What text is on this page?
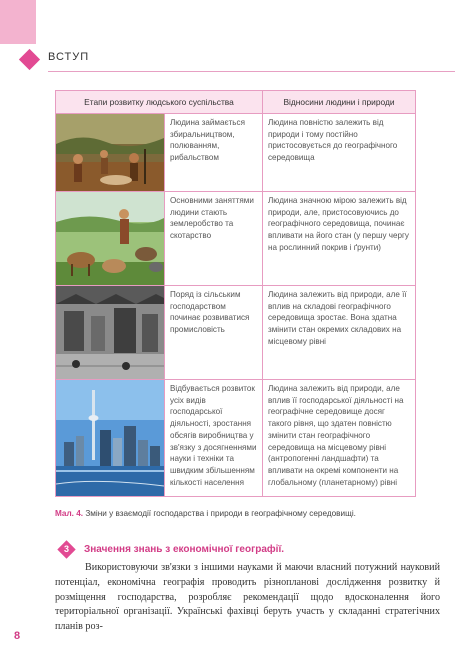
ВСТУП
Етапи розвитку людського суспільства		Відносини людини і природи

	Людина займається збиральництвом, полюванням, рибальством	Людина повністю залежить від природи і тому постійно пристосовується до географічного середовища

	Основними заняттями людини стають землеробство та скотарство	Людина значною мірою залежить від природи, але, пристосовуючись до географічного середовища, починає впливати на його стан (у першу чергу на рослинний покрив і ґрунти)

	Поряд із сільським господарством починає розвиватися промисловість	Людина залежить від природи, але її вплив на складові географічного середовища зростає. Вона здатна змінити стан окремих складових на місцевому рівні

	Відбувається розвиток усіх видів господарської діяльності, зростання обсягів виробництва у зв'язку з досягненнями науки і техніки та швидким збільшенням кількості населення	Людина залежить від природи, але вплив її господарської діяльності на географічне середовище досяг такого рівня, що здатен повністю змінити стан географічного середовища на місцевому рівні (антропогенні ландшафти) та впливати на окремі компоненти на глобальному (планетарному) рівні
Мал. 4. Зміни у взаємодії господарства і природи в географічному середовищі.
3	Значення знань з економічної географії.

Використовуючи зв'язки з іншими науками й маючи власний потужний науковий потенціал, економічна географія проводить різнопланові дослідження розвитку й розміщення господарства, розробляє рекомендації щодо вдосконалення його територіальної організації. Українські фахівці беруть участь у складанні стратегічних планів роз-

8
